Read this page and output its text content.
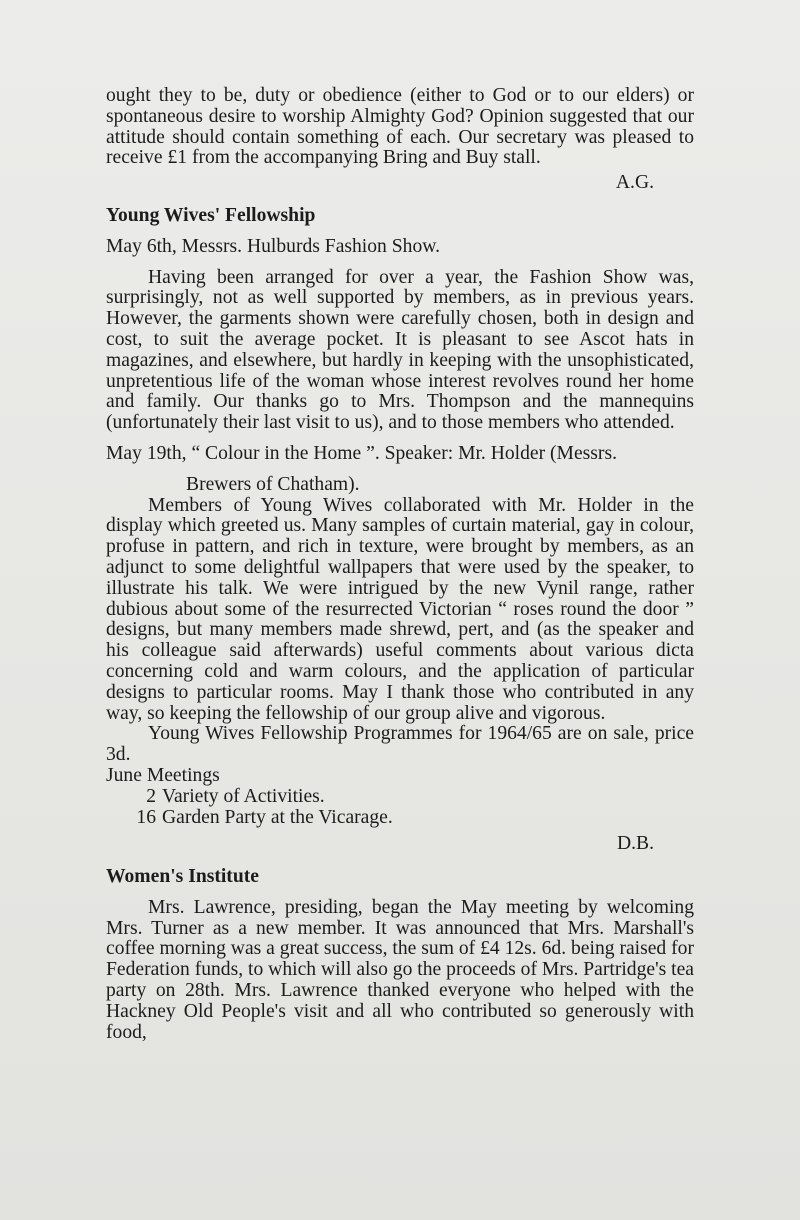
ought they to be, duty or obedience (either to God or to our elders) or spontaneous desire to worship Almighty God? Opinion suggested that our attitude should contain something of each. Our secretary was pleased to receive £1 from the accompanying Bring and Buy stall.

A.G.

Young Wives' Fellowship

May 6th, Messrs. Hulburds Fashion Show.

Having been arranged for over a year, the Fashion Show was, surprisingly, not as well supported by members, as in previous years. However, the garments shown were carefully chosen, both in design and cost, to suit the average pocket. It is pleasant to see Ascot hats in magazines, and elsewhere, but hardly in keeping with the unsophisticated, unpretentious life of the woman whose interest revolves round her home and family. Our thanks go to Mrs. Thompson and the mannequins (unfortunately their last visit to us), and to those members who attended.

May 19th, “ Colour in the Home ”. Speaker: Mr. Holder (Messrs.

Brewers of Chatham).

Members of Young Wives collaborated with Mr. Holder in the display which greeted us. Many samples of curtain material, gay in colour, profuse in pattern, and rich in texture, were brought by members, as an adjunct to some delightful wallpapers that were used by the speaker, to illustrate his talk. We were intrigued by the new Vynil range, rather dubious about some of the resurrected Victorian “ roses round the door ” designs, but many members made shrewd, pert, and (as the speaker and his colleague said afterwards) useful comments about various dicta concerning cold and warm colours, and the application of particular designs to particular rooms. May I thank those who contributed in any way, so keeping the fellowship of our group alive and vigorous.

Young Wives Fellowship Programmes for 1964/65 are on sale, price 3d.

June Meetings

2 Variety of Activities.
16 Garden Party at the Vicarage.

D.B.

Women's Institute

Mrs. Lawrence, presiding, began the May meeting by welcoming Mrs. Turner as a new member. It was announced that Mrs. Marshall's coffee morning was a great success, the sum of £4 12s. 6d. being raised for Federation funds, to which will also go the proceeds of Mrs. Partridge's tea party on 28th. Mrs. Lawrence thanked everyone who helped with the Hackney Old People's visit and all who contributed so generously with food,
